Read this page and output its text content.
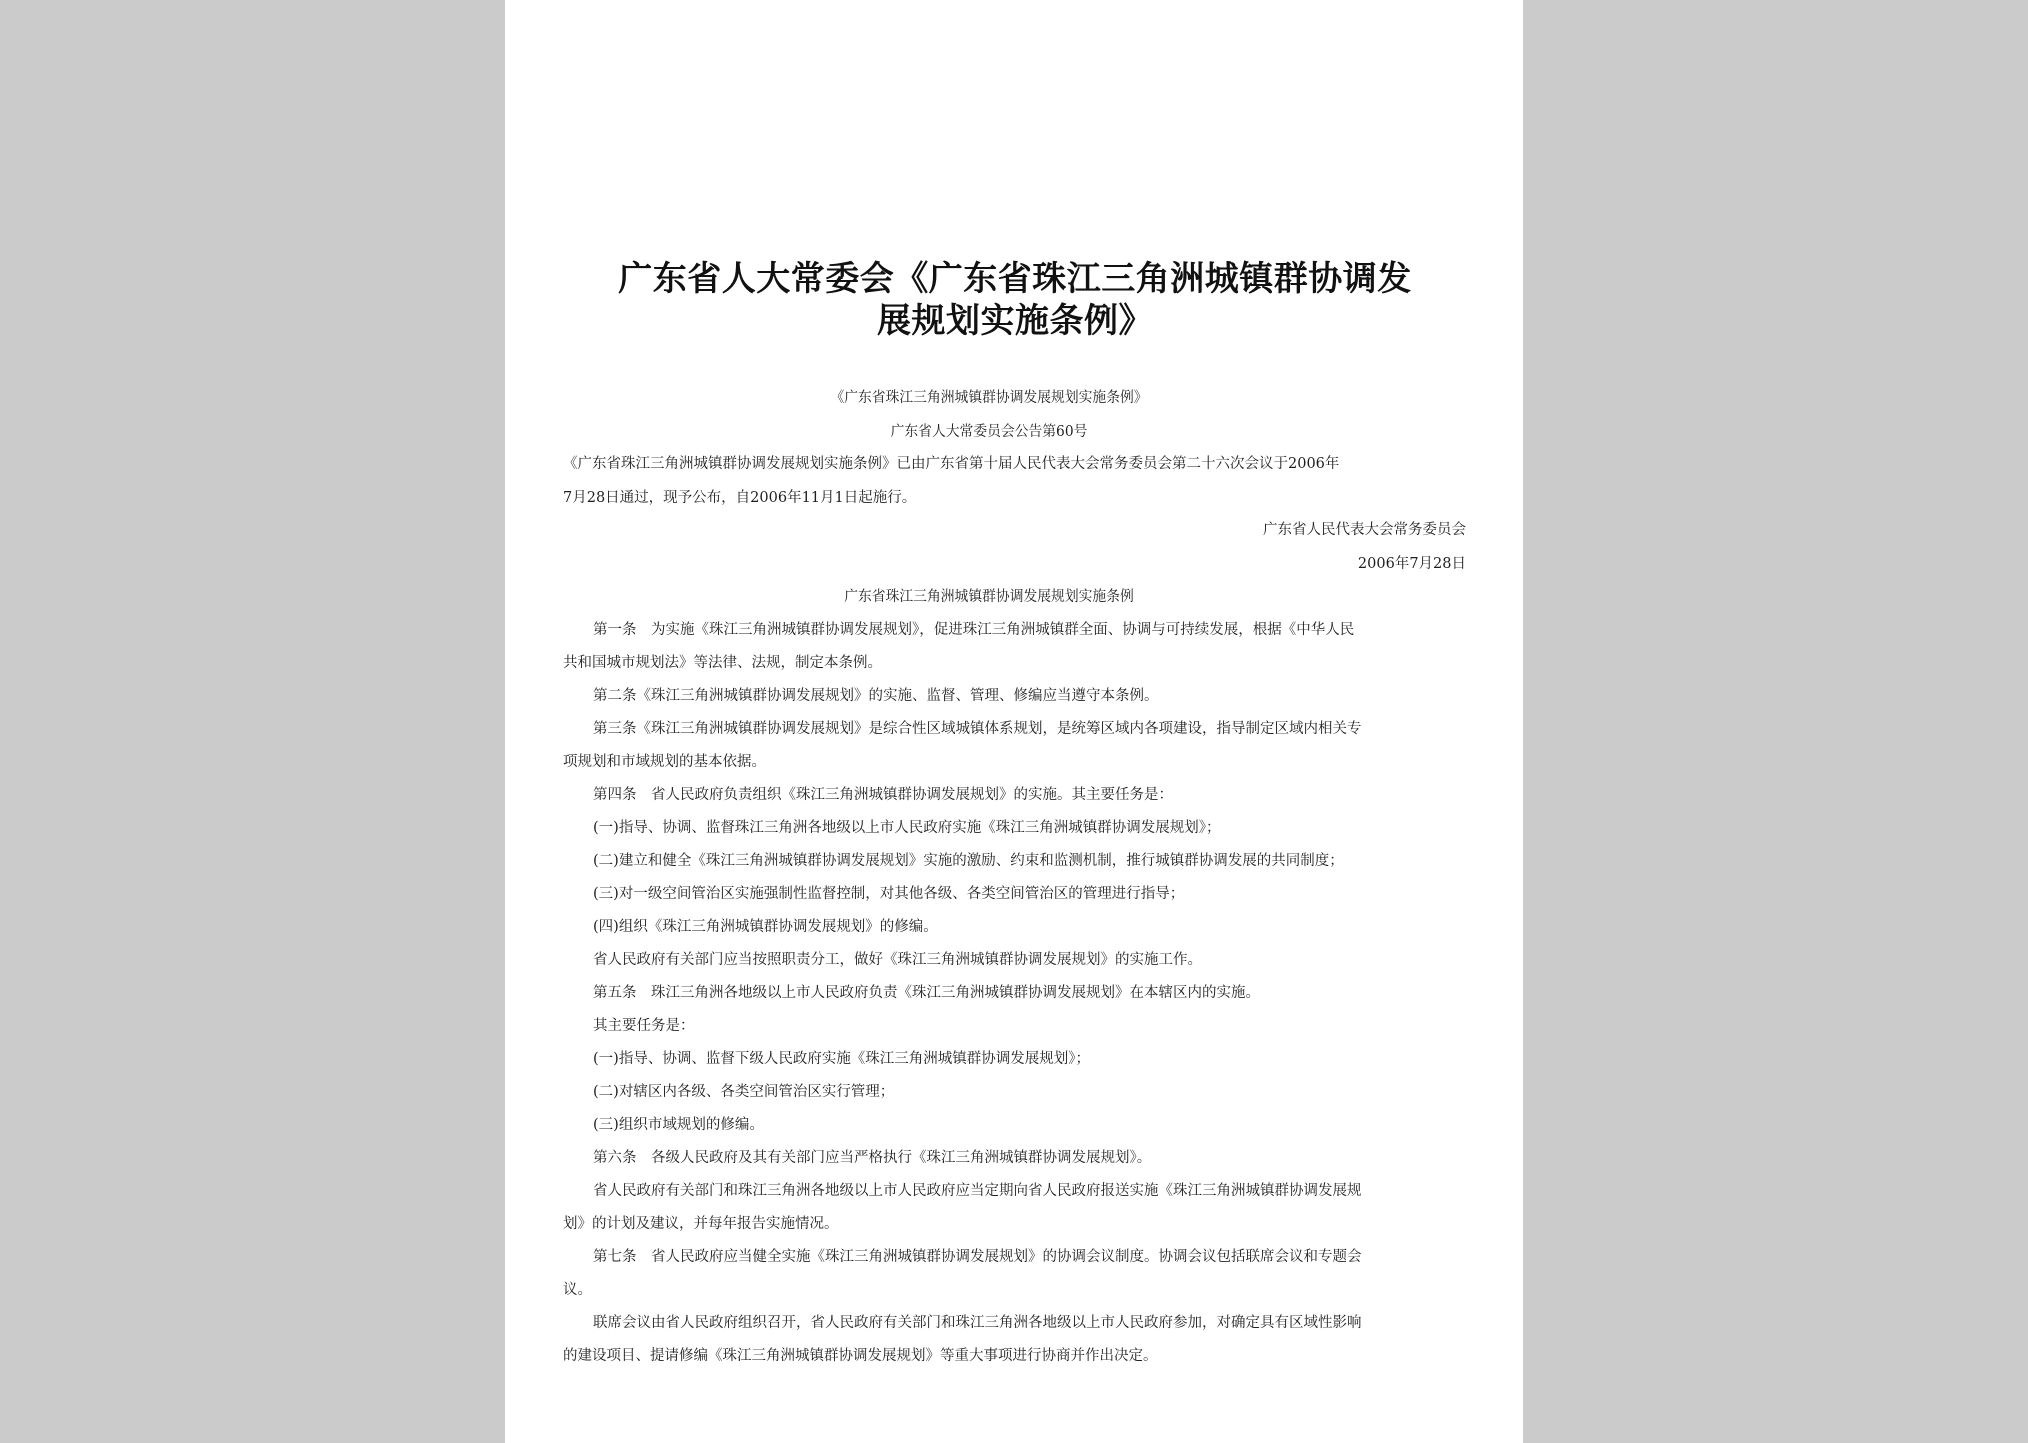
广东省人大常委会《广东省珠江三角洲城镇群协调发
展规划实施条例》
《广东省珠江三角洲城镇群协调发展规划实施条例》
广东省人大常委员会公告第60号
《广东省珠江三角洲城镇群协调发展规划实施条例》已由广东省第十届人民代表大会常务委员会第二十六次会议于2006年
7月28日通过，现予公布，自2006年11月1日起施行。
广东省人民代表大会常务委员会
2006年7月28日
广东省珠江三角洲城镇群协调发展规划实施条例
第一条　为实施《珠江三角洲城镇群协调发展规划》，促进珠江三角洲城镇群全面、协调与可持续发展，根据《中华人民
共和国城市规划法》等法律、法规，制定本条例。
第二条《珠江三角洲城镇群协调发展规划》的实施、监督、管理、修编应当遵守本条例。
第三条《珠江三角洲城镇群协调发展规划》是综合性区域城镇体系规划，是统筹区域内各项建设，指导制定区域内相关专
项规划和市域规划的基本依据。
第四条　省人民政府负责组织《珠江三角洲城镇群协调发展规划》的实施。其主要任务是：
(一)指导、协调、监督珠江三角洲各地级以上市人民政府实施《珠江三角洲城镇群协调发展规划》；
(二)建立和健全《珠江三角洲城镇群协调发展规划》实施的激励、约束和监测机制，推行城镇群协调发展的共同制度；
(三)对一级空间管治区实施强制性监督控制，对其他各级、各类空间管治区的管理进行指导；
(四)组织《珠江三角洲城镇群协调发展规划》的修编。
省人民政府有关部门应当按照职责分工，做好《珠江三角洲城镇群协调发展规划》的实施工作。
第五条　珠江三角洲各地级以上市人民政府负责《珠江三角洲城镇群协调发展规划》在本辖区内的实施。
其主要任务是：
(一)指导、协调、监督下级人民政府实施《珠江三角洲城镇群协调发展规划》；
(二)对辖区内各级、各类空间管治区实行管理；
(三)组织市域规划的修编。
第六条　各级人民政府及其有关部门应当严格执行《珠江三角洲城镇群协调发展规划》。
省人民政府有关部门和珠江三角洲各地级以上市人民政府应当定期向省人民政府报送实施《珠江三角洲城镇群协调发展规
划》的计划及建议，并每年报告实施情况。
第七条　省人民政府应当健全实施《珠江三角洲城镇群协调发展规划》的协调会议制度。协调会议包括联席会议和专题会
议。
联席会议由省人民政府组织召开，省人民政府有关部门和珠江三角洲各地级以上市人民政府参加，对确定具有区域性影响
的建设项目、提请修编《珠江三角洲城镇群协调发展规划》等重大事项进行协商并作出决定。
